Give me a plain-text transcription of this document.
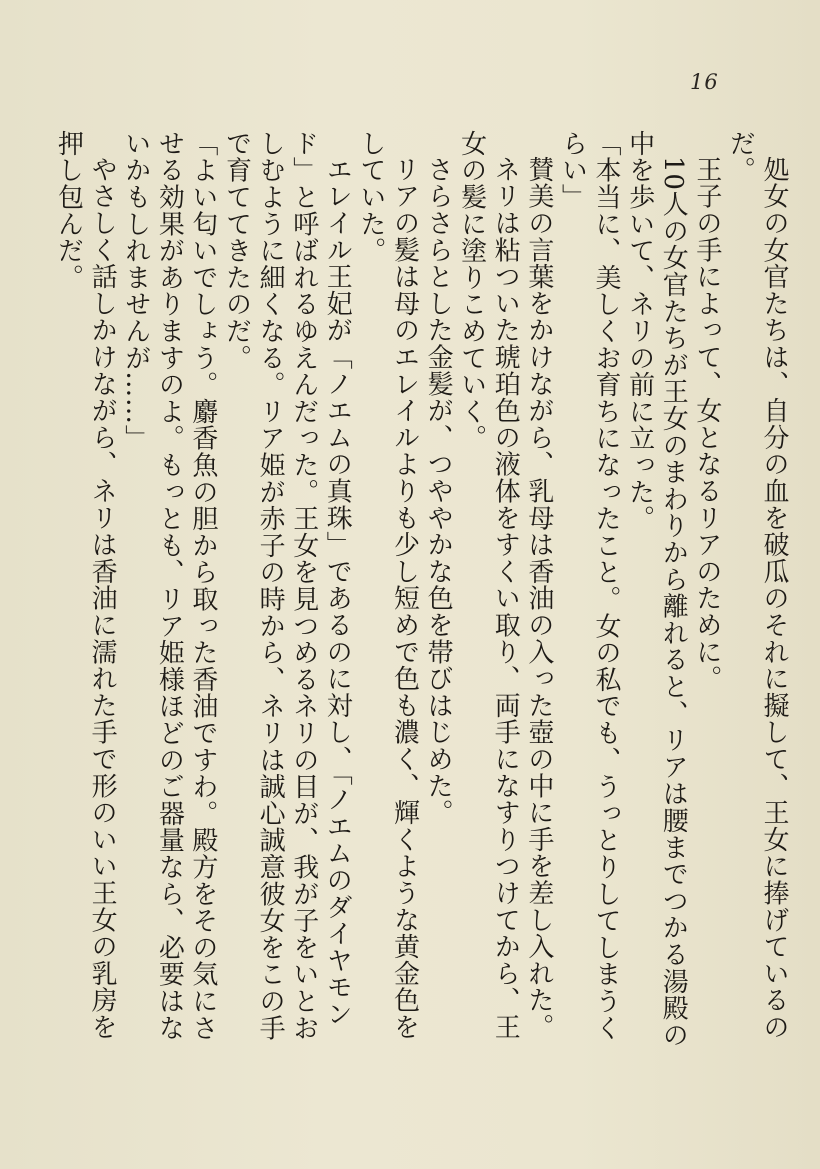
16

処女の女官たちは、自分の血を破瓜のそれに擬して、王女に捧げているのだ。

王子の手によって、女となるリアのために。

10人の女官たちが王女のまわりから離れると、リアは腰までつかる湯殿の中を歩いて、ネリの前に立った。

「本当に、美しくお育ちになったこと。女の私でも、うっとりしてしまうくらい」

賛美の言葉をかけながら、乳母は香油の入った壺の中に手を差し入れた。

ネリは粘ついた琥珀色の液体をすくい取り、両手になすりつけてから、王女の髪に塗りこめていく。

さらさらとした金髪が、つややかな色を帯びはじめた。

リアの髪は母のエレイルよりも少し短めで色も濃く、輝くような黄金色をしていた。

エレイル王妃が「ノエムの真珠」であるのに対し、「ノエムのダイヤモンド」と呼ばれるゆえんだった。王女を見つめるネリの目が、我が子をいとおしむように細くなる。リア姫が赤子の時から、ネリは誠心誠意彼女をこの手で育ててきたのだ。

「よい匂いでしょう。麝香魚の胆から取った香油ですわ。殿方をその気にさせる効果がありますのよ。もっとも、リア姫様ほどのご器量なら、必要はないかもしれませんが……」

やさしく話しかけながら、ネリは香油に濡れた手で形のいい王女の乳房を押し包んだ。
